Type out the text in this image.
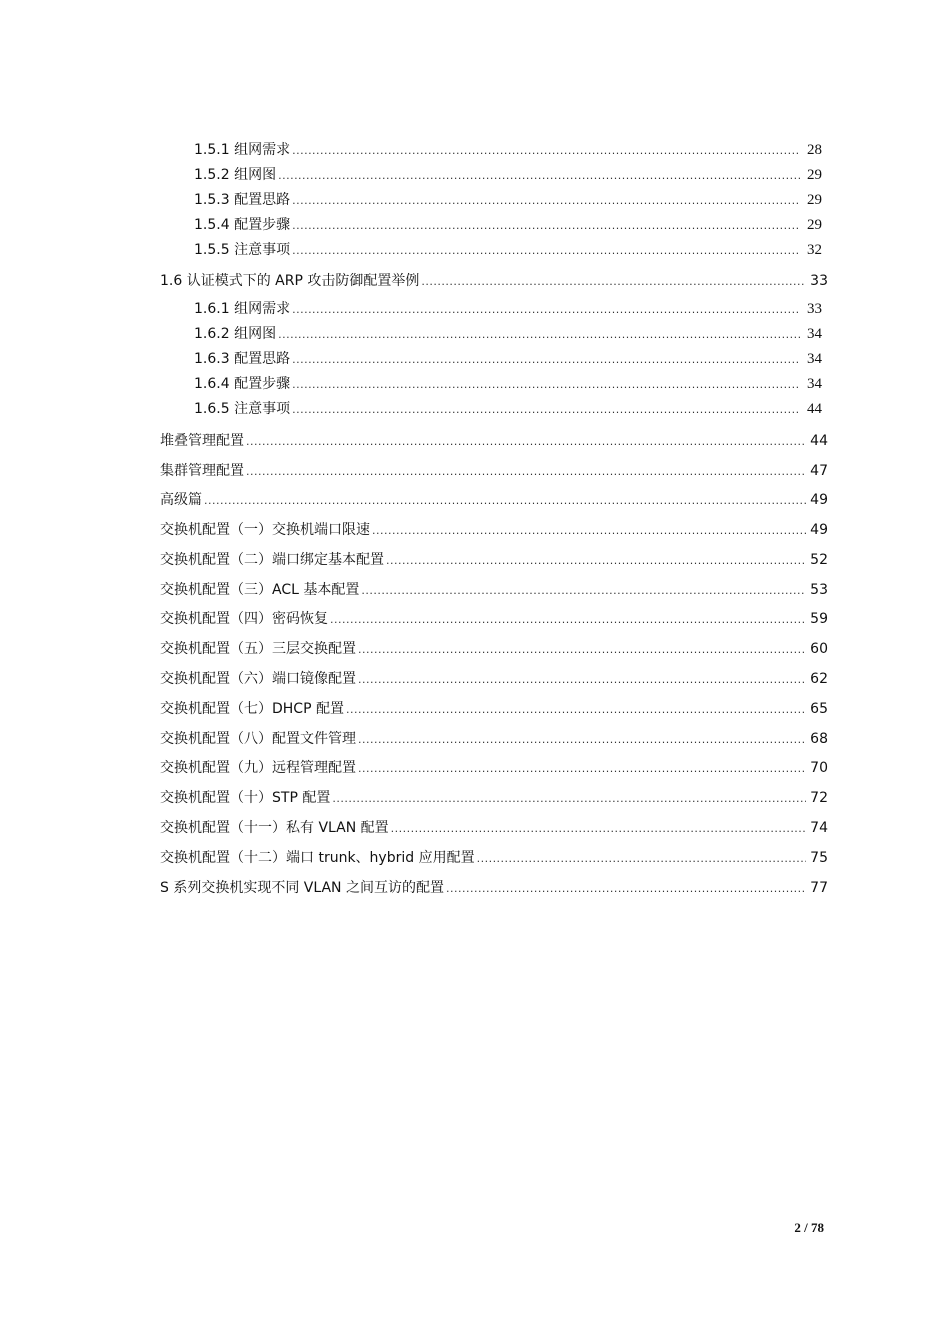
1.5.1 组网需求 .....	28
1.5.2 组网图 .....	29
1.5.3 配置思路 .....	29
1.5.4 配置步骤 .....	29
1.5.5 注意事项 .....	32
1.6 认证模式下的 ARP 攻击防御配置举例 .....	33
1.6.1 组网需求 .....	33
1.6.2 组网图 .....	34
1.6.3 配置思路 .....	34
1.6.4 配置步骤 .....	34
1.6.5 注意事项 .....	44
堆叠管理配置 .....	44
集群管理配置 .....	47
高级篇 .....	49
交换机配置（一）交换机端口限速 .....	49
交换机配置（二）端口绑定基本配置 .....	52
交换机配置（三）ACL 基本配置 .....	53
交换机配置（四）密码恢复 .....	59
交换机配置（五）三层交换配置 .....	60
交换机配置（六）端口镜像配置 .....	62
交换机配置（七）DHCP 配置 .....	65
交换机配置（八）配置文件管理 .....	68
交换机配置（九）远程管理配置 .....	70
交换机配置（十）STP 配置 .....	72
交换机配置（十一）私有 VLAN 配置 .....	74
交换机配置（十二）端口 trunk、hybrid 应用配置 .....	75
S 系列交换机实现不同 VLAN 之间互访的配置 .....	77
2 / 78
